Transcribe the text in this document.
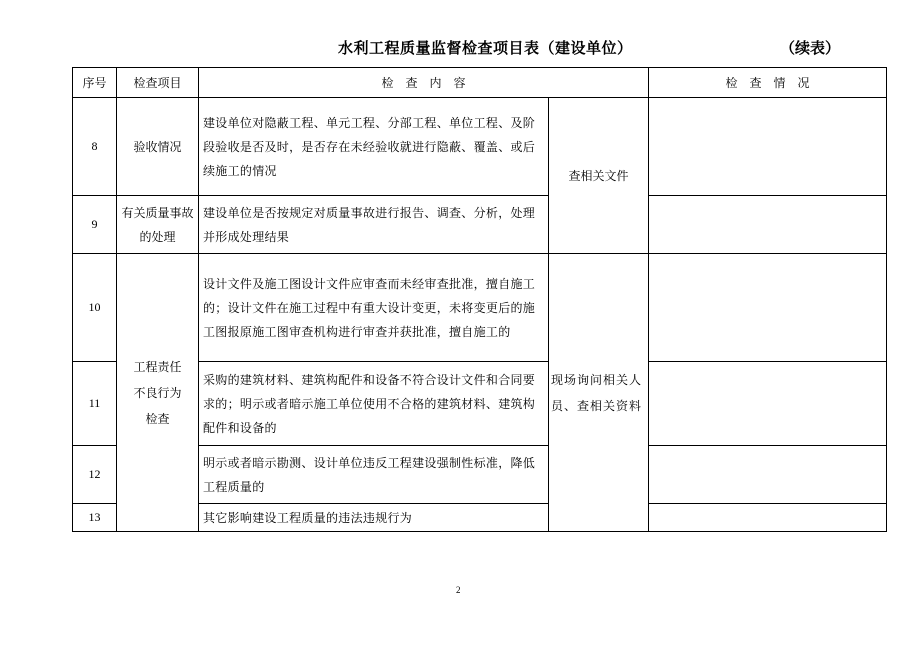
水利工程质量监督检查项目表（建设单位）	（续表）
序号	检查项目	检　查　内　容		检　查　情　况
8	验收情况	建设单位对隐蔽工程、单元工程、分部工程、单位工程、及阶段验收是否及时，是否存在未经验收就进行隐蔽、覆盖、或后续施工的情况	查相关文件	
9	有关质量事故的处理	建设单位是否按规定对质量事故进行报告、调查、分析，处理并形成处理结果		
10	工程责任不良行为检查	设计文件及施工图设计文件应审查而未经审查批准，擅自施工的；设计文件在施工过程中有重大设计变更，未将变更后的施工图报原施工图审查机构进行审查并获批准，擅自施工的	现场询问相关人员、查相关资料	
11		采购的建筑材料、建筑构配件和设备不符合设计文件和合同要求的；明示或者暗示施工单位使用不合格的建筑材料、建筑构配件和设备的		
12		明示或者暗示勘测、设计单位违反工程建设强制性标准，降低工程质量的		
13		其它影响建设工程质量的违法违规行为		
2
